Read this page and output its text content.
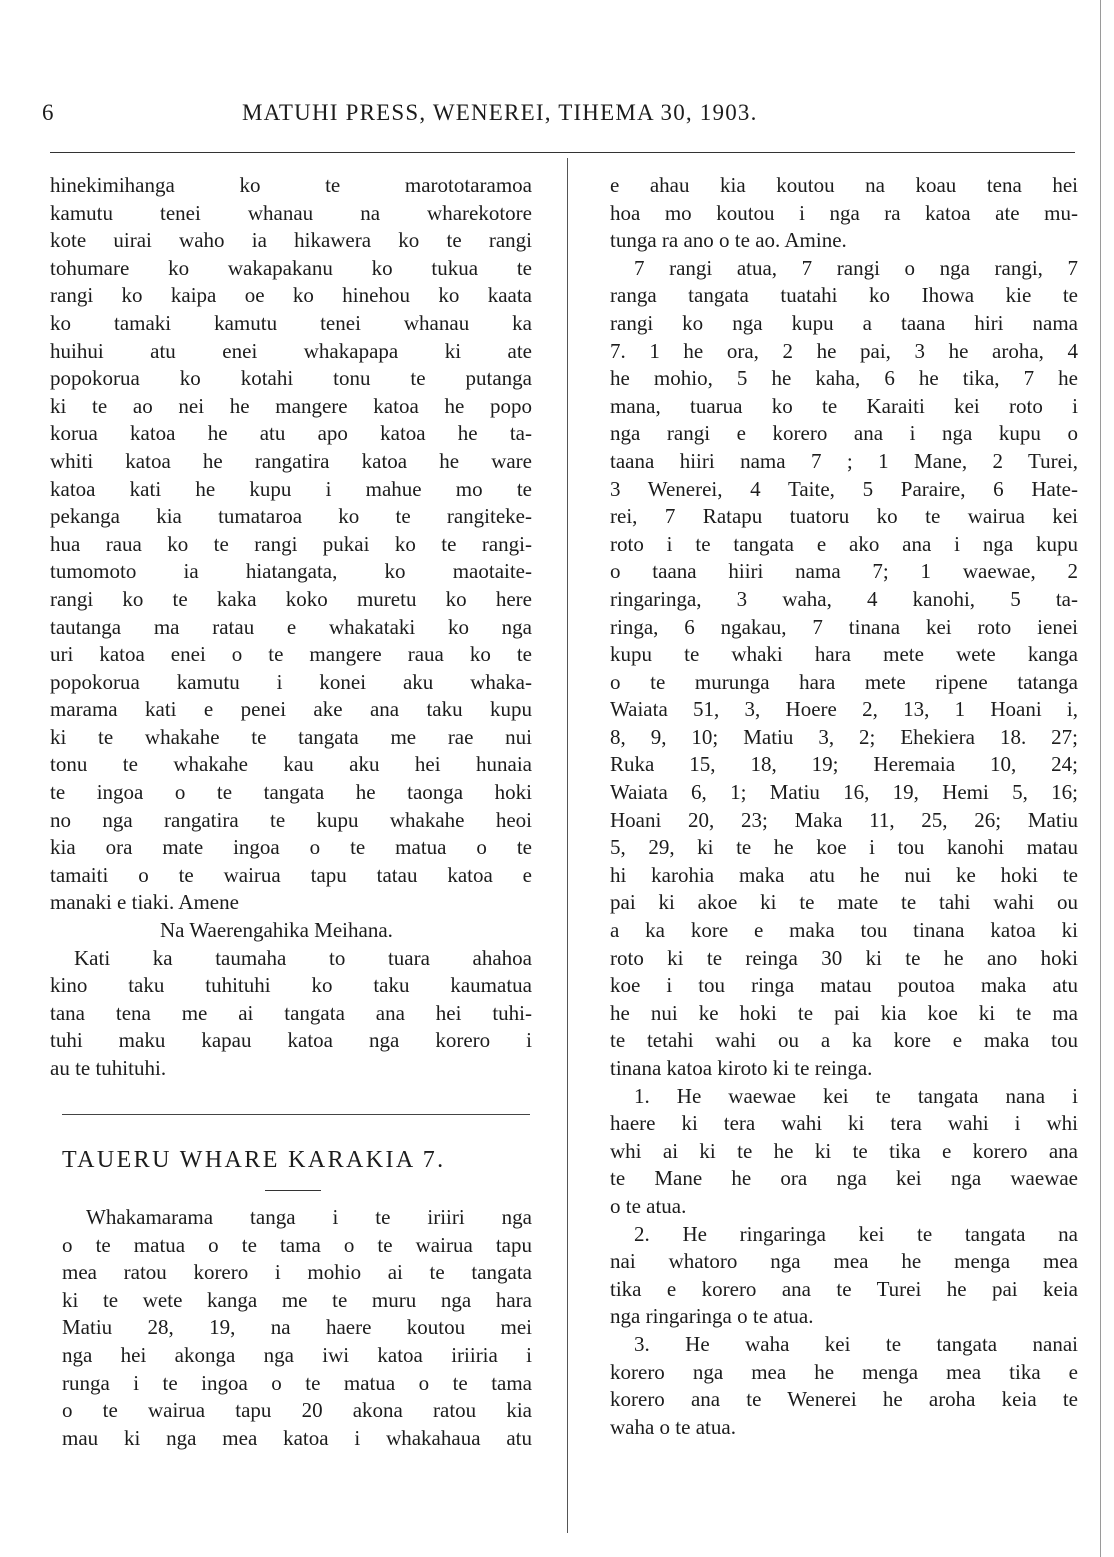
6	MATUHI PRESS, WENEREI, TIHEMA 30, 1903.
hinekimihanga ko te marototaramoa
kamutu tenei whanau na wharekotore
kote uirai waho ia hikawera ko te rangi
tohumare ko wakapakanu ko tukua te
rangi ko kaipa oe ko hinehou ko kaata
ko tamaki kamutu tenei whanau ka
huihui atu enei whakapapa ki ate
popokorua ko kotahi tonu te putanga
ki te ao nei he mangere katoa he popo
korua katoa he atu apo katoa he ta-
whiti katoa he rangatira katoa he ware
katoa kati he kupu i mahue mo te
pekanga kia tumataroa ko te rangiteke-
hua raua ko te rangi pukai ko te rangi-
tumomoto ia hiatangata, ko maotaite-
rangi ko te kaka koko muretu ko here
tautanga ma ratau e whakataki ko nga
uri katoa enei o te mangere raua ko te
popokorua kamutu i konei aku whaka-
marama kati e penei ake ana taku kupu
ki te whakahe te tangata me rae nui
tonu te whakahe kau aku hei hunaia
te ingoa o te tangata he taonga hoki
no nga rangatira te kupu whakahe heoi
kia ora mate ingoa o te matua o te
tamaiti o te wairua tapu tatau katoa e
manaki e tiaki. Amene
Na Waerengahika Meihana.
Kati ka taumaha to tuara ahahoa
kino taku tuhituhi ko taku kaumatua
tana tena me ai tangata ana hei tuhi-
tuhi maku kapau katoa nga korero i
au te tuhituhi.
TAUERU WHARE KARAKIA 7.
Whakamarama tanga i te iriiri nga
o te matua o te tama o te wairua tapu
mea ratou korero i mohio ai te tangata
ki te wete kanga me te muru nga hara
Matiu 28, 19, na haere koutou mei
nga hei akonga nga iwi katoa iriiria i
runga i te ingoa o te matua o te tama
o te wairua tapu 20 akona ratou kia
mau ki nga mea katoa i whakahaua atu
e ahau kia koutou na koau tena hei
hoa mo koutou i nga ra katoa ate mu-
tunga ra ano o te ao. Amine.
7 rangi atua, 7 rangi o nga rangi, 7
ranga tangata tuatahi ko Ihowa kie te
rangi ko nga kupu a taana hiri nama
7. 1 he ora, 2 he pai, 3 he aroha, 4
he mohio, 5 he kaha, 6 he tika, 7 he
mana, tuarua ko te Karaiti kei roto i
nga rangi e korero ana i nga kupu o
taana hiiri nama 7 ; 1 Mane, 2 Turei,
3 Wenerei, 4 Taite, 5 Paraire, 6 Hate-
rei, 7 Ratapu tuatoru ko te wairua kei
roto i te tangata e ako ana i nga kupu
o taana hiiri nama 7; 1 waewae, 2
ringaringa, 3 waha, 4 kanohi, 5 ta-
ringa, 6 ngakau, 7 tinana kei roto ienei
kupu te whaki hara mete wete kanga
o te murunga hara mete ripene tatanga
Waiata 51, 3, Hoere 2, 13, 1 Hoani i,
8, 9, 10; Matiu 3, 2; Ehekiera 18. 27;
Ruka 15, 18, 19; Heremaia 10, 24;
Waiata 6, 1; Matiu 16, 19, Hemi 5, 16;
Hoani 20, 23; Maka 11, 25, 26; Matiu
5, 29, ki te he koe i tou kanohi matau
hi karohia maka atu he nui ke hoki te
pai ki akoe ki te mate te tahi wahi ou
a ka kore e maka tou tinana katoa ki
roto ki te reinga 30 ki te he ano hoki
koe i tou ringa matau poutoa maka atu
he nui ke hoki te pai kia koe ki te ma
te tetahi wahi ou a ka kore e maka tou
tinana katoa kiroto ki te reinga.
1. He waewae kei te tangata nana i
haere ki tera wahi ki tera wahi i whi
whi ai ki te he ki te tika e korero ana
te Mane he ora nga kei nga waewae
o te atua.
2. He ringaringa kei te tangata na
nai whatoro nga mea he menga mea
tika e korero ana te Turei he pai keia
nga ringaringa o te atua.
3. He waha kei te tangata nanai
korero nga mea he menga mea tika e
korero ana te Wenerei he aroha keia te
waha o te atua.
